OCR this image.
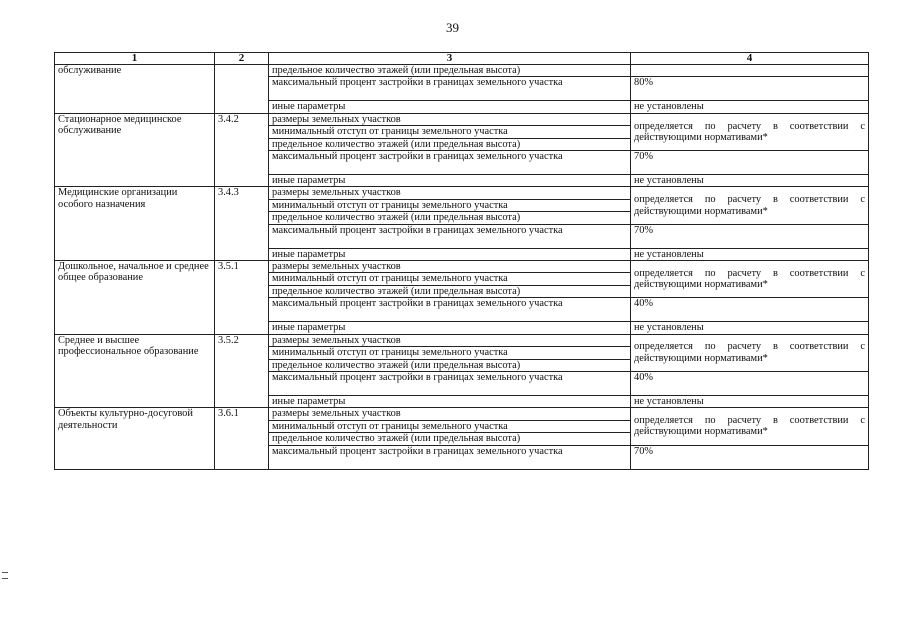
39
1	2	3	4
обслуживание		предельное количество этажей (или предельная высота)	
		максимальный процент застройки в границах земельного участка	80%
		иные параметры	не установлены
Стационарное медицинское обслуживание	3.4.2	размеры земельных участков	определяется по расчету в соответствии с действующими нормативами*
		минимальный отступ от границы земельного участка	
		предельное количество этажей (или предельная высота)	
		максимальный процент застройки в границах земельного участка	70%
		иные параметры	не установлены
Медицинские организации особого назначения	3.4.3	размеры земельных участков	определяется по расчету в соответствии с действующими нормативами*
		минимальный отступ от границы земельного участка	
		предельное количество этажей (или предельная высота)	
		максимальный процент застройки в границах земельного участка	70%
		иные параметры	не установлены
Дошкольное, начальное и среднее общее образование	3.5.1	размеры земельных участков	определяется по расчету в соответствии с действующими нормативами*
		минимальный отступ от границы земельного участка	
		предельное количество этажей (или предельная высота)	
		максимальный процент застройки в границах земельного участка	40%
		иные параметры	не установлены
Среднее и высшее профессиональное образование	3.5.2	размеры земельных участков	определяется по расчету в соответствии с действующими нормативами*
		минимальный отступ от границы земельного участка	
		предельное количество этажей (или предельная высота)	
		максимальный процент застройки в границах земельного участка	40%
		иные параметры	не установлены
Объекты культурно-досуговой деятельности	3.6.1	размеры земельных участков	определяется по расчету в соответствии с действующими нормативами*
		минимальный отступ от границы земельного участка	
		предельное количество этажей (или предельная высота)	
		максимальный процент застройки в границах земельного участка	70%
